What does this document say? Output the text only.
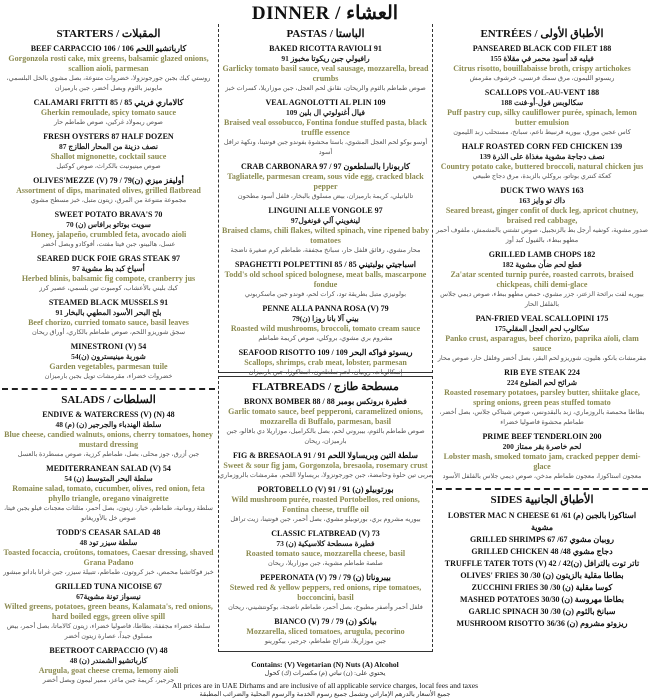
DINNER / العشاء
STARTERS / المقبلات
BEEF CARPACCIO 106 / 106 كارباتشيو اللحم
Gorgonzola rosti cake, mix greens, balsamic glazed onions, scallion aioli, parmesan
روستي كيك بجبن جورجونزولا، خضروات متنوعة، بصل مشوي بالخل البلسمي، مايونيز بالثوم وبصل أخضر، جبن بارميزان
CALAMARI FRITTI 85 / 85 كالاماري فريتي
Gherkin remoulade, spicy tomato sauce
صوص ريمولاد غركين، صوص طماطم حار
FRESH OYSTERS 87 HALF DOZEN
نصف دزينة من المحار الطازج 87
Shallot mignonette, cocktail sauce
صوص مينيونيت بالكراث، صوص كوكتيل
OLIVES'MEZZE (V) 79 / 79(ن) أوليفز ميزي
Assortment of dips, marinated olives, grilled flatbread
مجموعة متنوعة من المرق، زيتون متبل، خبز مسطح مشوي
SWEET POTATO BRAVA'S 70
سويت بوتاتو برافاس (ن) 70
Honey, jalapeño, crumbled feta, avocado aioli
عسل، هالبينو، جبن فيتا مفتت، أفوكادو وبصل أخضر
SEARED DUCK FOIE GRAS STEAK 97
أسياخ كبد بط مشوية 97
Herbed blinis, balsamic fig compote, cranberry jus
كيك بليني بالأعشاب، كومبوت تين بلسمي، عصير كرز
STEAMED BLACK MUSSELS 91
بلح البحر الأسود المطهي بالبخار 91
Beef chorizo, curried tomato sauce, basil leaves
سجق شوريزو اللحم، صوص طماطم بالكاري، أوراق ريحان
MINESTRONI (V) 54
شوربة مينيسترون (ن)54
Garden vegetables, parmesan tuile
خضروات خضراء، مقرمشات تويل بجبن بارميزان
SALADS / السلطات
ENDIVE & WATERCRESS (V) (N) 48
سلطة الهندباء والجرجير (ن) (م) 48
Blue cheese, candied walnuts, onions, cherry tomatoes, honey mustard dressing
جبن أزرق، جوز محلى، بصل، طماطم كرزية، صوص مسطردة بالعسل
MEDITERRANEAN SALAD (V) 54
سلطة البحر المتوسط (ن) 54
Romaine salad, tomato, cucumber, olives, red onion, feta phyllo triangle, oregano vinaigrette
سلطة رومانية، طماطم، خيار، زيتون، بصل أحمر، مثلثات معجنات فيلو بجبن فيتا، صوص خل بالأوريغانو
TODD'S CEASAR SALAD 48
سلطة سيزر تود 48
Toasted focaccia, croûtons, tomatoes, Caesar dressing, shaved Grana Padano
خبز فوكاتشيا محمص، خبز كروتون، طماطم، تتبيلة سيزر، جبن غرانا بادانو مبشور
GRILLED TUNA NICOISE 67
نيسواز تونة مشوية67
Wilted greens, potatoes, green beans, Kalamata's, red onions, hard boiled eggs, green olive spill
سلطة خضراء مجففة، بطاطا، فاصوليا خضراء، زيتون كالاماتا، بصل أحمر، بيض مسلوق جيداً، عصارة زيتون أخضر
BEETROOT CARPACCIO (V) 48
كارباتشيو الشمندر (ن) 48
Arugula, goat cheese crema, lemony aioli
جرجير، كريمة جبن ماعز، ممير ليمون وبصل أخضر
PASTAS / الباستا
BAKED RICOTTA RAVIOLI 91
رافيولي جبن ريكوتا مخبوز 91
Garlicky tomato basil sauce, veal sausage, mozzarella, bread crumbs
صوص طماطم بالثوم والريحان، نقانق لحم العجل، جبن موزاريلا، كسرات خبز
VEAL AGNOLOTTI AL PLIN 109
فيال أغنولوتي ال بلين 109
Braised veal ossobucco, Fontina fondue stuffed pasta, black truffle essence
أوسو بوكو لحم العجل المشوي، باستا محشوة بفوندو جبن فونتينا، ونكهة ترافل أسود
CRAB CARBONARA 97 / 97 كاربونارا بالسلطعون
Tagliatelle, parmesan cream, sous vide egg, cracked black pepper
تالياتيلي، كريمة بارميزان، بيض مسلوق بالبخار، فلفل أسود مطحون
LINGUINI ALLE VONGOLE 97
لينغويني آلي فونغول97
Braised clams, chili flakes, wilted spinach, vine ripened baby tomatoes
محار مشوي، رقائق فلفل حار، سبانخ مجففة، طماطم كرم صغيرة ناضجة
SPAGHETTI POLPETTINI 85 / 85 اسباجيتي بولبتيني
Todd's old school spiced bolognese, meat balls, mascarpone fondue
بولونيزي متبل بطريقة تود، كرات لحم، فوندو جبن ماسكربوني
PENNE ALLA PANNA ROSA (V) 79
بيني آلا بانا روزا (ن)79
Roasted wild mushrooms, broccoli, tomato cream sauce
مشروم بري مشوي، بروكلي، صوص كريمة طماطم
SEAFOOD RISOTTO 109 / 109 ريسوتو فواكه البحر
Scallops, shrimps, crab meat, lobster, parmesan
إسكالوبات، روبيان، لحم سلطعون، استاكوزا، جبن بارميزان
FLATBREADS / مسطحة طازج
BRONX BOMBER 88 / 88 فطيرة برونكس بومبر
Garlic tomato sauce, beef pepperoni, caramelized onions, mozzarella di Buffalo, parmesan, basil
صوص طماطم بالثوم، بيبروني لحم، بصل بالكراميل، موزاريلا دي بافالو، جبن بارميزان، ريحان
FIG & BRESAOLA 91 / 91 سلطة التين وبريساولا اللحم
Sweet & sour fig jam, Gorgonzola, bresaola, rosemary crust
مربى تين حلوة وحامضة، جبن جورجونزولا، بريساولا اللحم، مقرمشات بالروزماري
PORTOBELLO (V) 91 / 91 (ن) بورتوبيلو
Wild mushroom purée, roasted Portobellos, red onions, Fontina cheese, truffle oil
بيوريه مشروم بري، بورتوبيلو مشوي، بصل أحمر، جبن فونتينا، زيت ترافل
CLASSIC FLATBREAD (V) 73
فطيرة مسطحة كلاسيكية (ن) 73
Roasted tomato sauce, mozzarella cheese, basil
صلصة طماطم مشوية، جبن موزاريلا، ريحان
PEPERONATA (V) 79 / 79 (ن) بيبروناتا
Stewed red & yellow peppers, red onions, ripe tomatoes, bocconcini, basil
فلفل أحمر وأصفر مطبوخ، بصل أحمر، طماطم ناضجة، بوكونتشيني، ريحان
BIANCO (V) 79 / 79 (ن) بيانكو
Mozzarella, sliced tomatoes, arugula, pecorino
جبن موزاريلا، شرائح طماطم، جرجير، بيكورينو
ENTRÉES / الأطباق الأولى
PANSEARED BLACK COD FILET 188
فيليه قد أسود محمر في مقلاة 155
Citrus risotto, bouillabaisse broth, crispy artichokes
ريسوتو الليمون، مرق سمك فرنسي، خرشوف مقرمش
SCALLOPS VOL-AU-VENT 188
سكالوبس فول-أو-فنت 188
Puff pastry cup, silky cauliflower purée, spinach, lemon butter emulsion
كاس عجين مورق، بيوريه قرنبيط ناعم، سبانخ، مستحلب زبد الليمون
HALF ROASTED CORN FED CHICKEN 139
نصف دجاجة مشوية مغذاة على الذرة 139
Country potato cake, buttered broccoli, natural chicken jus
كعكة كنتري بوتاتو، بروكلي بالزبدة، مرق دجاج طبيعي
DUCK TWO WAYS 163
داك تو وايز 163
Seared breast, ginger confit of duck leg, apricot chutney, braised red cabbage,
صدور مشوية، كونفيه أرجل بط بالزنجبيل، صوص تشتني بالمشمش، ملفوف أحمر مطهو ببطء، بالفيول كبد أوز
GRILLED LAMB CHOPS 182
قطع لحم ضأن مشوية 182
Za'atar scented turnip purée, roasted carrots, braised chickpeas, chili demi-glace
بيوريه لفت برائحة الزعتر، جزر مشوي، حمص مطهو ببطء، صوص ديمي جلاس بالفلفل الحار
PAN-FRIED VEAL SCALLOPINI 175
سكالوب لحم العجل المقلي175
Panko crust, asparagus, beef chorizo, paprika aïoli, clam sauce
مقرمشات بانكو، هليون، شوريزو لحم البقر، بصل أخضر وفلفل حار، صوص محار
RIB EYE STEAK 224
شرائح لحم الضلوع 224
Roasted rosemary potatoes, parsley butter, shiitake glace, spring onions, green peas stuffed tomato
بطاطا محمصة بالروزماري، زبد بالبقدونس، صوص شيتاكي جلاس، بصل أخضر، طماطم محشوة فاصوليا خضراء
PRIME BEEF TENDERLOIN 200
لحم خاصرة بقر ممتاز 200
Lobster mash, smoked tomato jam, cracked pepper demi-glace
معجون استاكوزا، معجون طماطم مدخن، صوص ديمي جلاس بالفلفل الأسود
SIDES الأطباق الجانبية
LOBSTER MAC N CHEESE 61 /61 استاكوزا بالجبن (م) مشوية
GRILLED SHRIMPS 67 /67 روبيان مشوي
GRILLED CHICKEN 48 /48 دجاج مشوي
TRUFFLE TATER TOTS (V) 42 / 42(ن) تاتر توت بالترافل
OLIVES' FRIES 30 /30 (ن) بطاطا مقلية بالزيتون
ZUCCHINI FRIES 30 /30 (ن) كوسا مقلية
MASHED POTATOES 30/30 (ن) بطاطا مهروسة
GARLIC SPINACH 30 /30 (ن) سبانخ بالثوم
MUSHROOM RISOTTO 36/36 (ن) ريزوتو مشروم
Contains: (V) Vegetarian (N) Nuts (A) Alcohol
يحتوي على: (ن) نباتي (م) مكسرات (ك) كحول
All prices are in UAE Dirhams and are inclusive of all applicable service charges, local fees and taxes
جميع الأسعار بالدرهم الإماراتي وتشمل جميع رسوم الخدمة والرسوم المحلية والضرائب المطبقة
